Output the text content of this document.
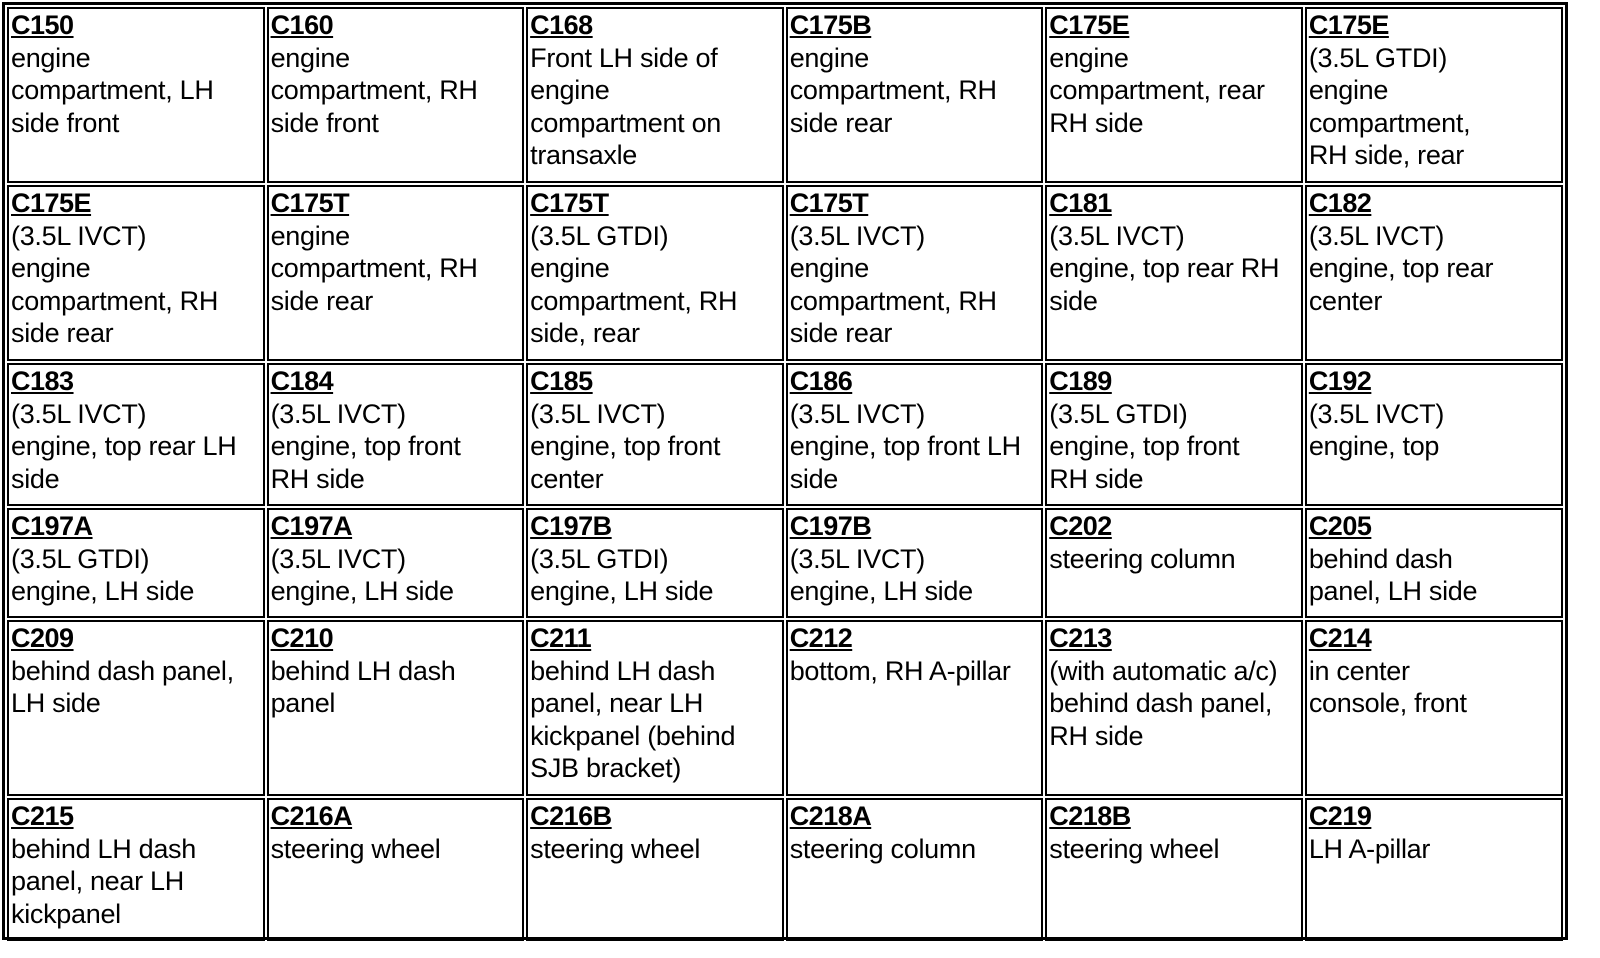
C150
engine
compartment, LH
side front	C160
engine
compartment, RH
side front	C168
Front LH side of
engine
compartment on
transaxle	C175B
engine
compartment, RH
side rear	C175E
engine
compartment, rear
RH side	C175E
(3.5L GTDI)
engine
compartment,
RH side, rear

C175E
(3.5L IVCT)
engine
compartment, RH
side rear	C175T
engine
compartment, RH
side rear	C175T
(3.5L GTDI)
engine
compartment, RH
side, rear	C175T
(3.5L IVCT)
engine
compartment, RH
side rear	C181
(3.5L IVCT)
engine, top rear RH
side	C182
(3.5L IVCT)
engine, top rear
center

C183
(3.5L IVCT)
engine, top rear LH
side	C184
(3.5L IVCT)
engine, top front
RH side	C185
(3.5L IVCT)
engine, top front
center	C186
(3.5L IVCT)
engine, top front LH
side	C189
(3.5L GTDI)
engine, top front
RH side	C192
(3.5L IVCT)
engine, top

C197A
(3.5L GTDI)
engine, LH side	C197A
(3.5L IVCT)
engine, LH side	C197B
(3.5L GTDI)
engine, LH side	C197B
(3.5L IVCT)
engine, LH side	C202
steering column	C205
behind dash
panel, LH side

C209
behind dash panel,
LH side	C210
behind LH dash
panel	C211
behind LH dash
panel, near LH
kickpanel (behind
SJB bracket)	C212
bottom, RH A-pillar	C213
(with automatic a/c)
behind dash panel,
RH side	C214
in center
console, front

C215
behind LH dash
panel, near LH
kickpanel	C216A
steering wheel	C216B
steering wheel	C218A
steering column	C218B
steering wheel	C219
LH A-pillar
